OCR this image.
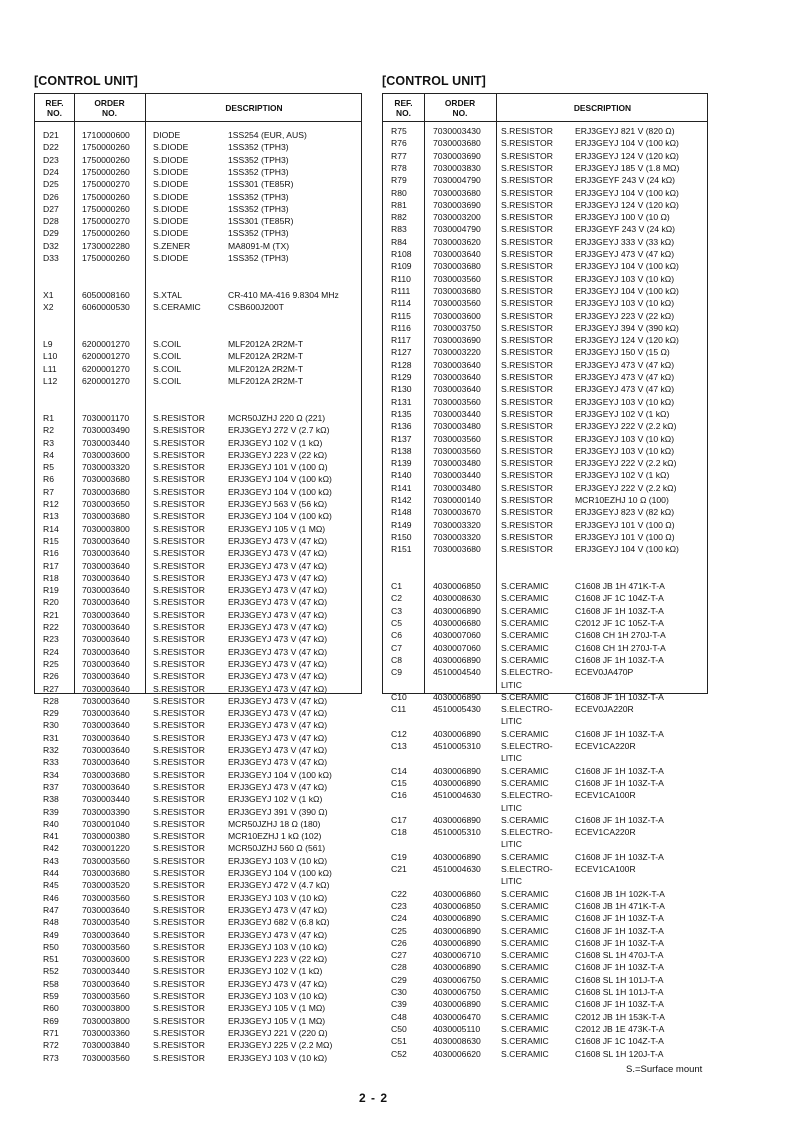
[CONTROL UNIT]
REF.
NO.
ORDER
NO.	DESCRIPTION
D21	1710000600	DIODE	1SS254 (EUR, AUS)
D22	1750000260	S.DIODE	1SS352 (TPH3)
D23	1750000260	S.DIODE	1SS352 (TPH3)
D24	1750000260	S.DIODE	1SS352 (TPH3)
D25	1750000270	S.DIODE	1SS301 (TE85R)
D26	1750000260	S.DIODE	1SS352 (TPH3)
D27	1750000260	S.DIODE	1SS352 (TPH3)
D28	1750000270	S.DIODE	1SS301 (TE85R)
D29	1750000260	S.DIODE	1SS352 (TPH3)
D32	1730002280	S.ZENER	MA8091-M (TX)
D33	1750000260	S.DIODE	1SS352 (TPH3)
X1	6050008160	S.XTAL	CR-410 MA-416 9.8304 MHz
X2	6060000530	S.CERAMIC	CSB600J200T
L9	6200001270	S.COIL	MLF2012A 2R2M-T
L10	6200001270	S.COIL	MLF2012A 2R2M-T
L11	6200001270	S.COIL	MLF2012A 2R2M-T
L12	6200001270	S.COIL	MLF2012A 2R2M-T
R1	7030001170	S.RESISTOR	MCR50JZHJ 220 Ω (221)
R2	7030003490	S.RESISTOR	ERJ3GEYJ 272 V (2.7 kΩ)
R3	7030003440	S.RESISTOR	ERJ3GEYJ 102 V (1 kΩ)
R4	7030003600	S.RESISTOR	ERJ3GEYJ 223 V (22 kΩ)
R5	7030003320	S.RESISTOR	ERJ3GEYJ 101 V (100 Ω)
R6	7030003680	S.RESISTOR	ERJ3GEYJ 104 V (100 kΩ)
R7	7030003680	S.RESISTOR	ERJ3GEYJ 104 V (100 kΩ)
R12	7030003650	S.RESISTOR	ERJ3GEYJ 563 V (56 kΩ)
R13	7030003680	S.RESISTOR	ERJ3GEYJ 104 V (100 kΩ)
R14	7030003800	S.RESISTOR	ERJ3GEYJ 105 V (1 MΩ)
R15	7030003640	S.RESISTOR	ERJ3GEYJ 473 V (47 kΩ)
R16	7030003640	S.RESISTOR	ERJ3GEYJ 473 V (47 kΩ)
R17	7030003640	S.RESISTOR	ERJ3GEYJ 473 V (47 kΩ)
R18	7030003640	S.RESISTOR	ERJ3GEYJ 473 V (47 kΩ)
R19	7030003640	S.RESISTOR	ERJ3GEYJ 473 V (47 kΩ)
R20	7030003640	S.RESISTOR	ERJ3GEYJ 473 V (47 kΩ)
R21	7030003640	S.RESISTOR	ERJ3GEYJ 473 V (47 kΩ)
R22	7030003640	S.RESISTOR	ERJ3GEYJ 473 V (47 kΩ)
R23	7030003640	S.RESISTOR	ERJ3GEYJ 473 V (47 kΩ)
R24	7030003640	S.RESISTOR	ERJ3GEYJ 473 V (47 kΩ)
R25	7030003640	S.RESISTOR	ERJ3GEYJ 473 V (47 kΩ)
R26	7030003640	S.RESISTOR	ERJ3GEYJ 473 V (47 kΩ)
R27	7030003640	S.RESISTOR	ERJ3GEYJ 473 V (47 kΩ)
R28	7030003640	S.RESISTOR	ERJ3GEYJ 473 V (47 kΩ)
R29	7030003640	S.RESISTOR	ERJ3GEYJ 473 V (47 kΩ)
R30	7030003640	S.RESISTOR	ERJ3GEYJ 473 V (47 kΩ)
R31	7030003640	S.RESISTOR	ERJ3GEYJ 473 V (47 kΩ)
R32	7030003640	S.RESISTOR	ERJ3GEYJ 473 V (47 kΩ)
R33	7030003640	S.RESISTOR	ERJ3GEYJ 473 V (47 kΩ)
R34	7030003680	S.RESISTOR	ERJ3GEYJ 104 V (100 kΩ)
R37	7030003640	S.RESISTOR	ERJ3GEYJ 473 V (47 kΩ)
R38	7030003440	S.RESISTOR	ERJ3GEYJ 102 V (1 kΩ)
R39	7030003390	S.RESISTOR	ERJ3GEYJ 391 V (390 Ω)
R40	7030001040	S.RESISTOR	MCR50JZHJ 18 Ω (180)
R41	7030000380	S.RESISTOR	MCR10EZHJ 1 kΩ (102)
R42	7030001220	S.RESISTOR	MCR50JZHJ 560 Ω (561)
R43	7030003560	S.RESISTOR	ERJ3GEYJ 103 V (10 kΩ)
R44	7030003680	S.RESISTOR	ERJ3GEYJ 104 V (100 kΩ)
R45	7030003520	S.RESISTOR	ERJ3GEYJ 472 V (4.7 kΩ)
R46	7030003560	S.RESISTOR	ERJ3GEYJ 103 V (10 kΩ)
R47	7030003640	S.RESISTOR	ERJ3GEYJ 473 V (47 kΩ)
R48	7030003540	S.RESISTOR	ERJ3GEYJ 682 V (6.8 kΩ)
R49	7030003640	S.RESISTOR	ERJ3GEYJ 473 V (47 kΩ)
R50	7030003560	S.RESISTOR	ERJ3GEYJ 103 V (10 kΩ)
R51	7030003600	S.RESISTOR	ERJ3GEYJ 223 V (22 kΩ)
R52	7030003440	S.RESISTOR	ERJ3GEYJ 102 V (1 kΩ)
R58	7030003640	S.RESISTOR	ERJ3GEYJ 473 V (47 kΩ)
R59	7030003560	S.RESISTOR	ERJ3GEYJ 103 V (10 kΩ)
R60	7030003800	S.RESISTOR	ERJ3GEYJ 105 V (1 MΩ)
R69	7030003800	S.RESISTOR	ERJ3GEYJ 105 V (1 MΩ)
R71	7030003360	S.RESISTOR	ERJ3GEYJ 221 V (220 Ω)
R72	7030003840	S.RESISTOR	ERJ3GEYJ 225 V (2.2 MΩ)
R73	7030003560	S.RESISTOR	ERJ3GEYJ 103 V (10 kΩ)
[CONTROL UNIT]
REF.
NO.
ORDER
NO.	DESCRIPTION
R75	7030003430 S.RESISTOR	ERJ3GEYJ 821 V (820 Ω)
R76	7030003680 S.RESISTOR	ERJ3GEYJ 104 V (100 kΩ)
R77	7030003690 S.RESISTOR	ERJ3GEYJ 124 V (120 kΩ)
R78	7030003830 S.RESISTOR	ERJ3GEYJ 185 V (1.8 MΩ)
R79	7030004790 S.RESISTOR	ERJ3GEYF 243 V (24 kΩ)
R80	7030003680 S.RESISTOR	ERJ3GEYJ 104 V (100 kΩ)
R81	7030003690 S.RESISTOR	ERJ3GEYJ 124 V (120 kΩ)
R82	7030003200 S.RESISTOR	ERJ3GEYJ 100 V (10 Ω)
R83	7030004790 S.RESISTOR	ERJ3GEYF 243 V (24 kΩ)
R84	7030003620 S.RESISTOR	ERJ3GEYJ 333 V (33 kΩ)
R108 7030003640 S.RESISTOR	ERJ3GEYJ 473 V (47 kΩ)
R109 7030003680 S.RESISTOR	ERJ3GEYJ 104 V (100 kΩ)
R110	7030003560 S.RESISTOR	ERJ3GEYJ 103 V (10 kΩ)
R111	7030003680 S.RESISTOR	ERJ3GEYJ 104 V (100 kΩ)
R114	7030003560 S.RESISTOR	ERJ3GEYJ 103 V (10 kΩ)
R115	7030003600 S.RESISTOR	ERJ3GEYJ 223 V (22 kΩ)
R116	7030003750 S.RESISTOR	ERJ3GEYJ 394 V (390 kΩ)
R117	7030003690 S.RESISTOR	ERJ3GEYJ 124 V (120 kΩ)
R127 7030003220 S.RESISTOR	ERJ3GEYJ 150 V (15 Ω)
R128 7030003640 S.RESISTOR	ERJ3GEYJ 473 V (47 kΩ)
R129 7030003640 S.RESISTOR	ERJ3GEYJ 473 V (47 kΩ)
R130 7030003640 S.RESISTOR	ERJ3GEYJ 473 V (47 kΩ)
R131 7030003560 S.RESISTOR	ERJ3GEYJ 103 V (10 kΩ)
R135 7030003440 S.RESISTOR	ERJ3GEYJ 102 V (1 kΩ)
R136 7030003480 S.RESISTOR	ERJ3GEYJ 222 V (2.2 kΩ)
R137 7030003560 S.RESISTOR	ERJ3GEYJ 103 V (10 kΩ)
R138 7030003560 S.RESISTOR	ERJ3GEYJ 103 V (10 kΩ)
R139 7030003480 S.RESISTOR	ERJ3GEYJ 222 V (2.2 kΩ)
R140 7030003440 S.RESISTOR	ERJ3GEYJ 102 V (1 kΩ)
R141 7030003480 S.RESISTOR	ERJ3GEYJ 222 V (2.2 kΩ)
R142 7030000140 S.RESISTOR	MCR10EZHJ 10 Ω (100)
R148 7030003670 S.RESISTOR	ERJ3GEYJ 823 V (82 kΩ)
R149 7030003320 S.RESISTOR	ERJ3GEYJ 101 V (100 Ω)
R150 7030003320 S.RESISTOR	ERJ3GEYJ 101 V (100 Ω)
R151 7030003680 S.RESISTOR	ERJ3GEYJ 104 V (100 kΩ)
C1	4030006850 S.CERAMIC	C1608 JB 1H 471K-T-A
C2	4030008630 S.CERAMIC	C1608 JF 1C 104Z-T-A
C3	4030006890 S.CERAMIC	C1608 JF 1H 103Z-T-A
C5	4030006680 S.CERAMIC	C2012 JF 1C 105Z-T-A
C6	4030007060 S.CERAMIC	C1608 CH 1H 270J-T-A
C7	4030007060 S.CERAMIC	C1608 CH 1H 270J-T-A
C8	4030006890 S.CERAMIC	C1608 JF 1H 103Z-T-A
C9	4510004540 S.ELECTRO-	ECEV0JA470P
LITIC
C10	4030006890 S.CERAMIC	C1608 JF 1H 103Z-T-A
C11	4510005430 S.ELECTRO-	ECEV0JA220R
LITIC
C12	4030006890 S.CERAMIC	C1608 JF 1H 103Z-T-A
C13	4510005310 S.ELECTRO-	ECEV1CA220R
LITIC
C14	4030006890 S.CERAMIC	C1608 JF 1H 103Z-T-A
C15	4030006890 S.CERAMIC	C1608 JF 1H 103Z-T-A
C16	4510004630 S.ELECTRO-	ECEV1CA100R
LITIC
C17	4030006890 S.CERAMIC	C1608 JF 1H 103Z-T-A
C18	4510005310 S.ELECTRO-	ECEV1CA220R
LITIC
C19	4030006890 S.CERAMIC	C1608 JF 1H 103Z-T-A
C21	4510004630 S.ELECTRO-	ECEV1CA100R
LITIC
C22	4030006860 S.CERAMIC	C1608 JB 1H 102K-T-A
C23	4030006850 S.CERAMIC	C1608 JB 1H 471K-T-A
C24	4030006890 S.CERAMIC	C1608 JF 1H 103Z-T-A
C25	4030006890 S.CERAMIC	C1608 JF 1H 103Z-T-A
C26	4030006890 S.CERAMIC	C1608 JF 1H 103Z-T-A
C27	4030006710 S.CERAMIC	C1608 SL 1H 470J-T-A
C28	4030006890 S.CERAMIC	C1608 JF 1H 103Z-T-A
C29	4030006750 S.CERAMIC	C1608 SL 1H 101J-T-A
C30	4030006750 S.CERAMIC	C1608 SL 1H 101J-T-A
C39	4030006890 S.CERAMIC	C1608 JF 1H 103Z-T-A
C48	4030006470 S.CERAMIC	C2012 JB 1H 153K-T-A
C50	4030005110 S.CERAMIC	C2012 JB 1E 473K-T-A
C51	4030008630 S.CERAMIC	C1608 JF 1C 104Z-T-A
C52	4030006620 S.CERAMIC	C1608 SL 1H 120J-T-A
S.=Surface mount
2 - 2
